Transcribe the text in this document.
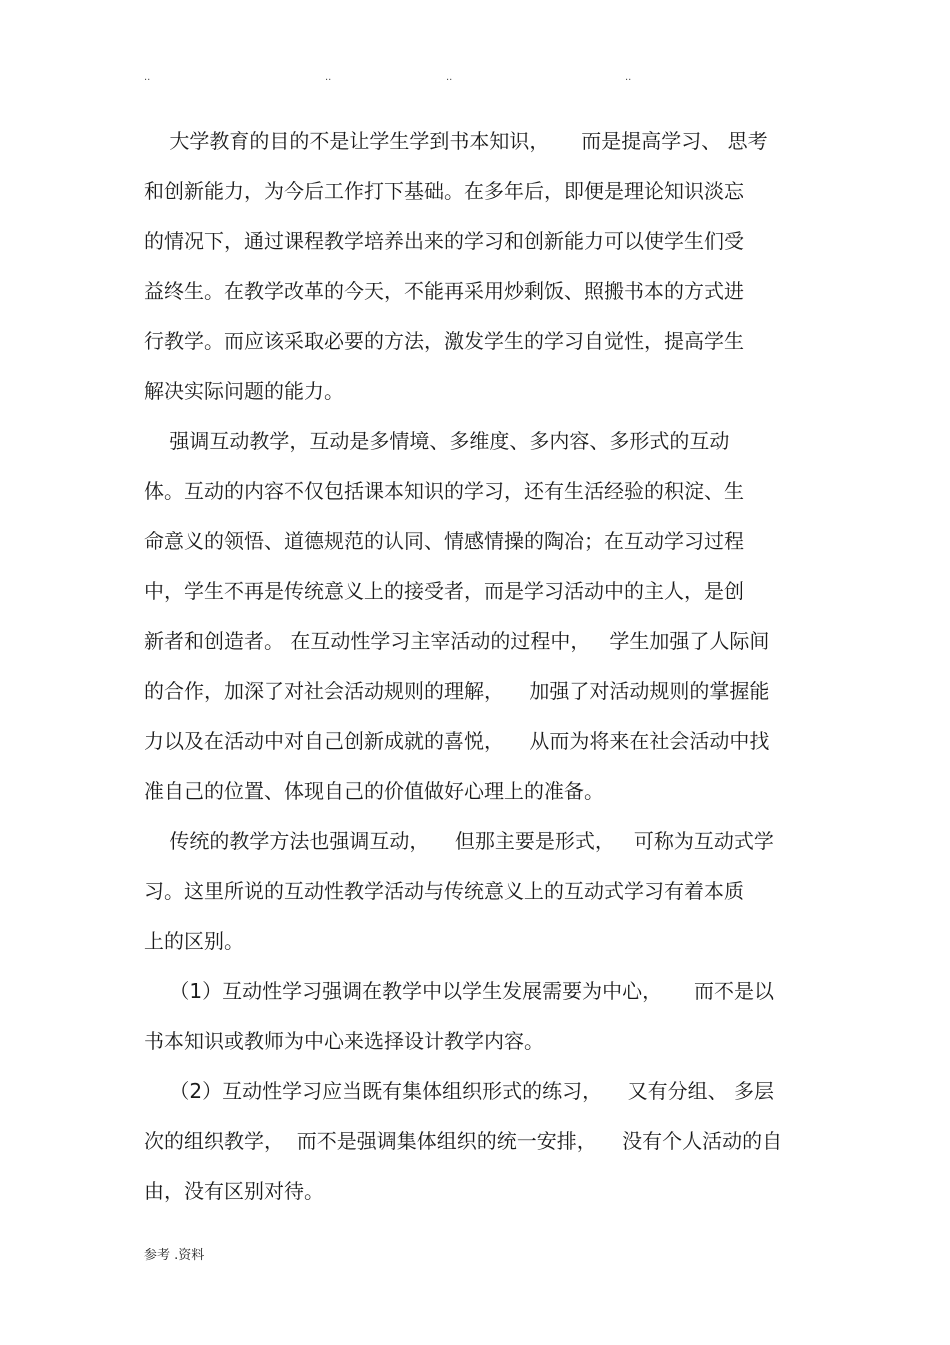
..	..	..	..
大学教育的目的不是让学生学到书本知识，     而是提高学习、 思考
和创新能力，为今后工作打下基础。在多年后，即便是理论知识淡忘
的情况下，通过课程教学培养出来的学习和创新能力可以使学生们受
益终生。在教学改革的今天，不能再采用炒剩饭、照搬书本的方式进
行教学。而应该采取必要的方法，激发学生的学习自觉性，提高学生
解决实际问题的能力。
强调互动教学，互动是多情境、多维度、多内容、多形式的互动
体。互动的内容不仅包括课本知识的学习，还有生活经验的积淀、生
命意义的领悟、道德规范的认同、情感情操的陶冶；在互动学习过程
中，学生不再是传统意义上的接受者，而是学习活动中的主人，是创
新者和创造者。 在互动性学习主宰活动的过程中，   学生加强了人际间
的合作，加深了对社会活动规则的理解，    加强了对活动规则的掌握能
力以及在活动中对自己创新成就的喜悦，    从而为将来在社会活动中找
准自己的位置、体现自己的价值做好心理上的准备。
传统的教学方法也强调互动，    但那主要是形式，   可称为互动式学
习。这里所说的互动性教学活动与传统意义上的互动式学习有着本质
上的区别。
（1）互动性学习强调在教学中以学生发展需要为中心，     而不是以
书本知识或教师为中心来选择设计教学内容。
（2）互动性学习应当既有集体组织形式的练习，    又有分组、 多层
次的组织教学，  而不是强调集体组织的统一安排，    没有个人活动的自
由，没有区别对待。
参考 .资料
